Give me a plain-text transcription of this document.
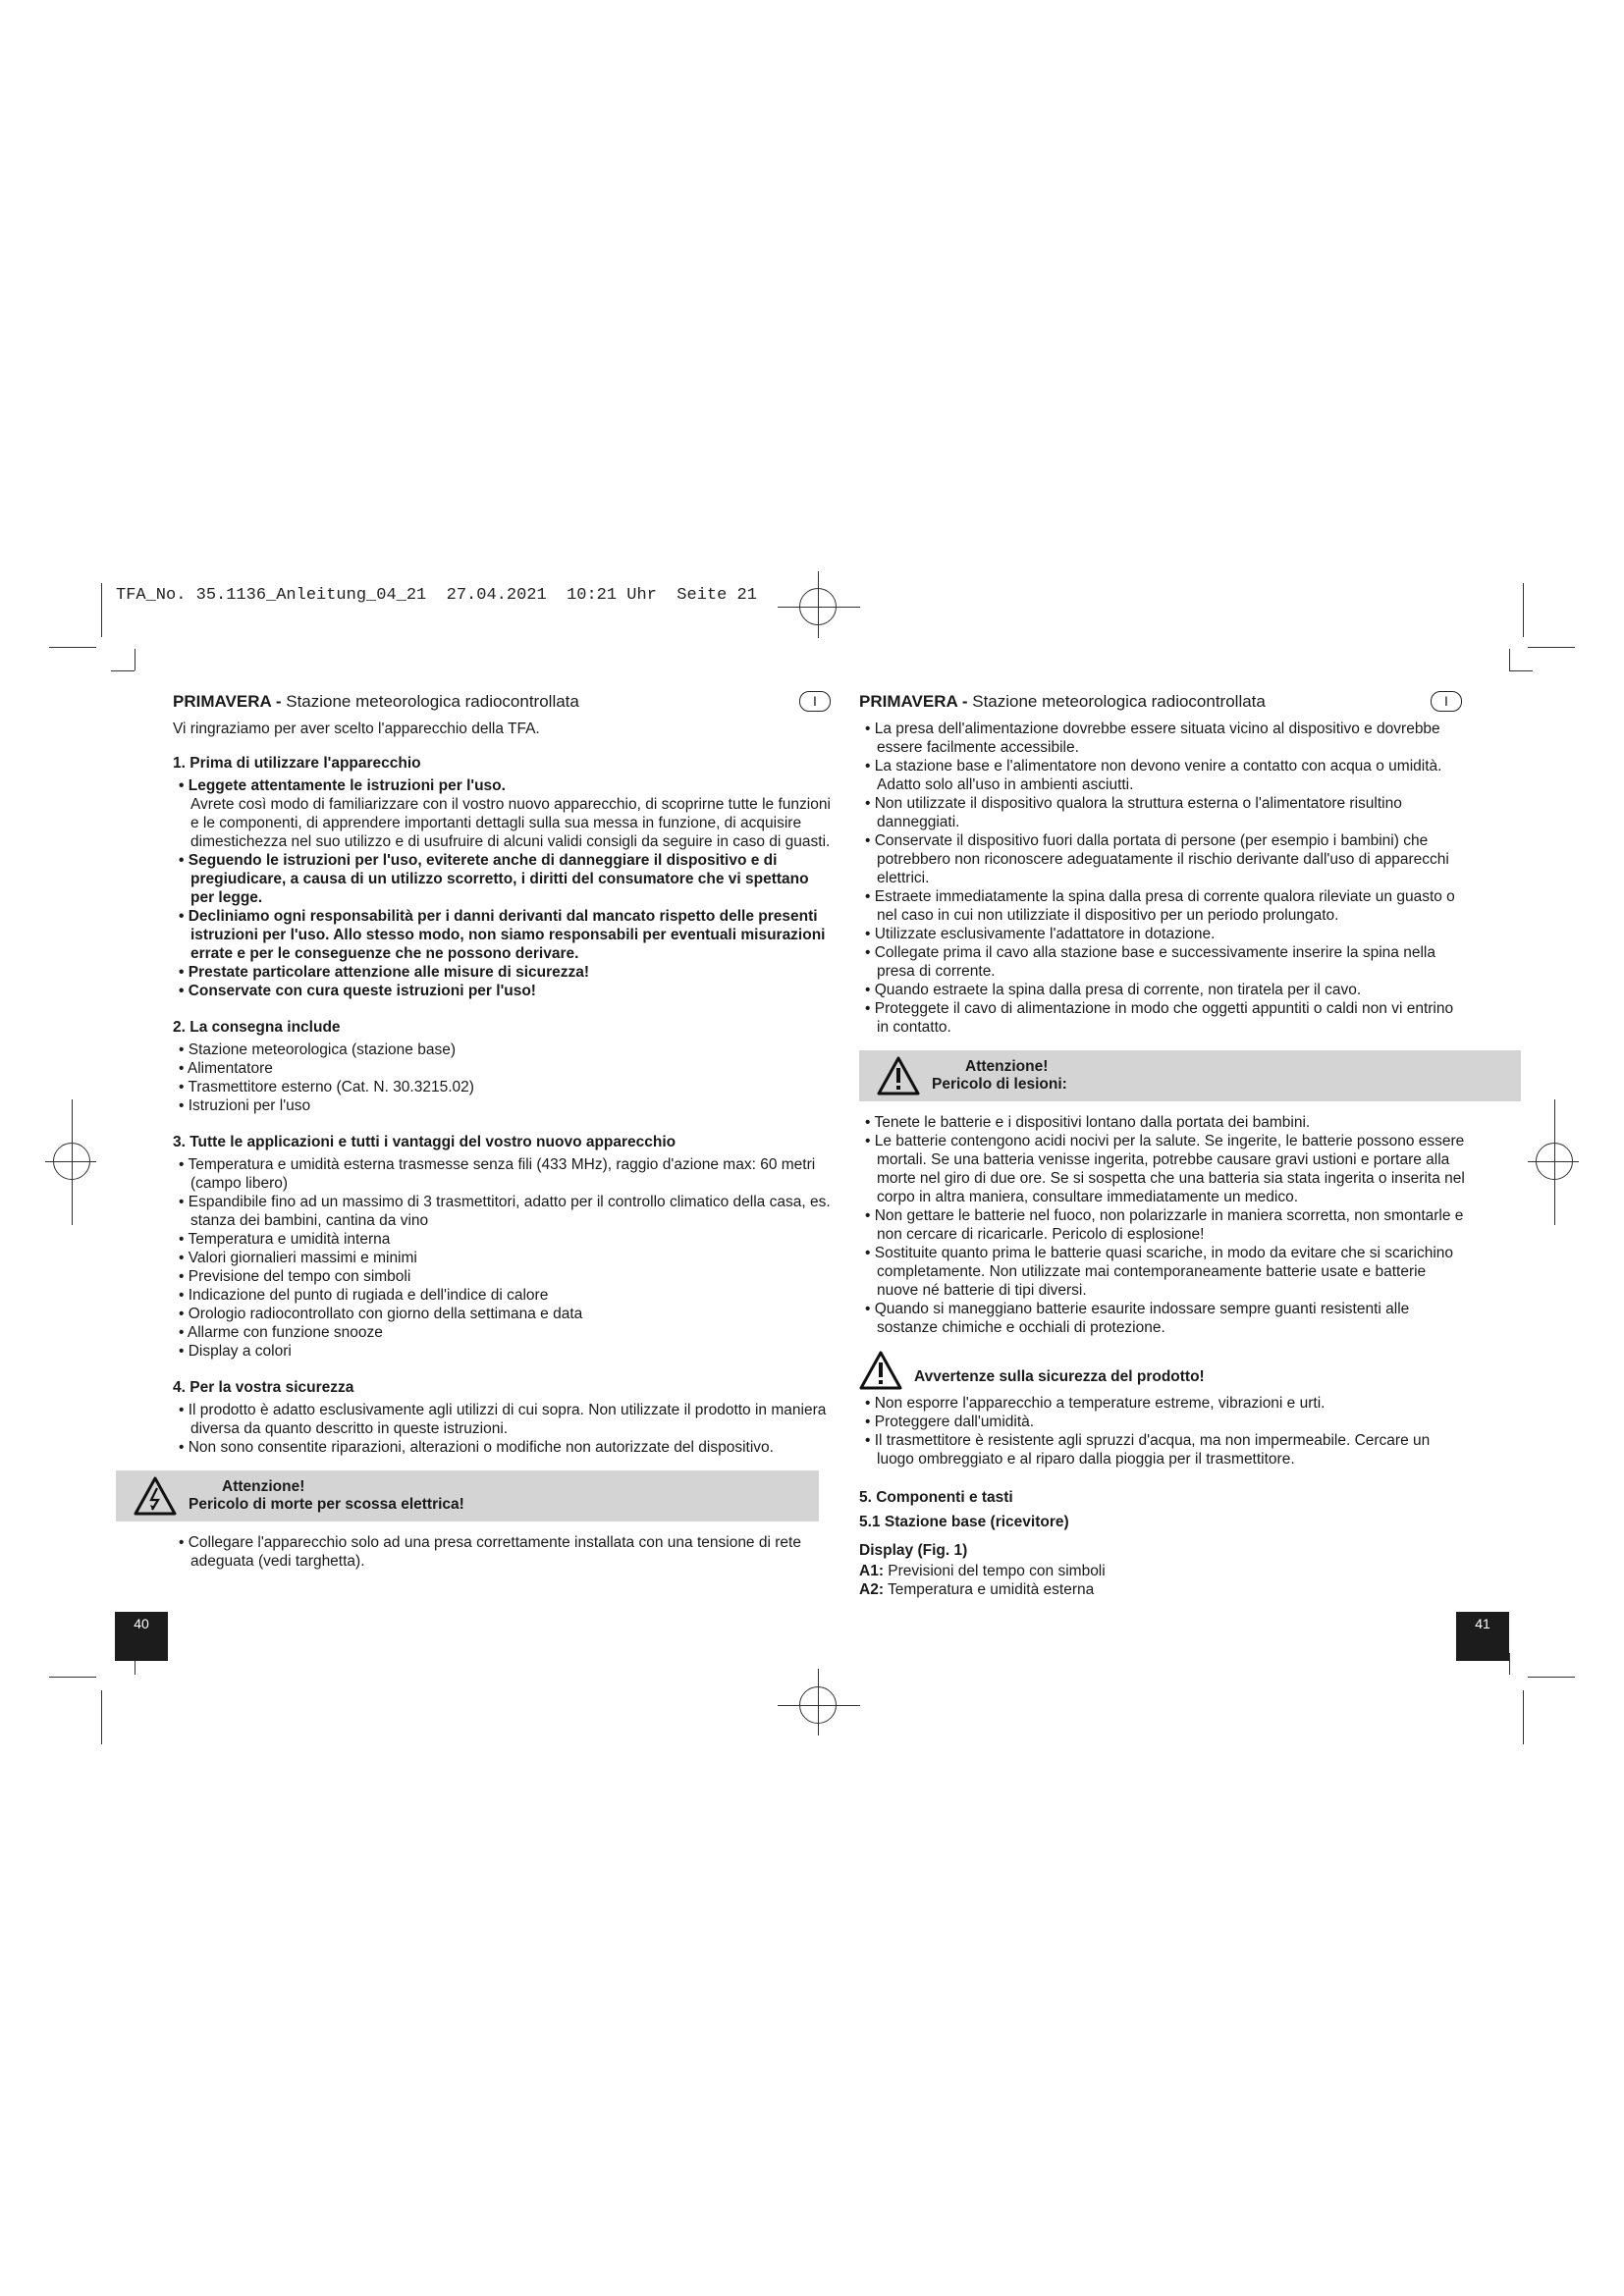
TFA_No. 35.1136_Anleitung_04_21  27.04.2021  10:21 Uhr  Seite 21
PRIMAVERA - Stazione meteorologica radiocontrollata	I

Vi ringraziamo per aver scelto l'apparecchio della TFA.

1. Prima di utilizzare l'apparecchio

• Leggete attentamente le istruzioni per l'uso.

Avrete così modo di familiarizzare con il vostro nuovo apparecchio, di scoprirne tutte le funzioni e le componenti, di apprendere importanti dettagli sulla sua messa in funzione, di acquisire dimestichezza nel suo utilizzo e di usufruire di alcuni validi consigli da seguire in caso di guasti.

• Seguendo le istruzioni per l'uso, eviterete anche di danneggiare il dispositivo e di pregiudicare, a causa di un utilizzo scorretto, i diritti del consumatore che vi spettano per legge.

• Decliniamo ogni responsabilità per i danni derivanti dal mancato rispetto delle presenti istruzioni per l'uso. Allo stesso modo, non siamo responsabili per eventuali misurazioni errate e per le conseguenze che ne possono derivare.

• Prestate particolare attenzione alle misure di sicurezza!

• Conservate con cura queste istruzioni per l'uso!

2. La consegna include

• Stazione meteorologica (stazione base)

• Alimentatore

• Trasmettitore esterno (Cat. N. 30.3215.02)

• Istruzioni per l'uso

3. Tutte le applicazioni e tutti i vantaggi del vostro nuovo apparecchio

• Temperatura e umidità esterna trasmesse senza fili (433 MHz), raggio d'azione max: 60 metri (campo libero)

• Espandibile fino ad un massimo di 3 trasmettitori, adatto per il controllo climatico della casa, es. stanza dei bambini, cantina da vino

• Temperatura e umidità interna

• Valori giornalieri massimi e minimi

• Previsione del tempo con simboli

• Indicazione del punto di rugiada e dell'indice di calore

• Orologio radiocontrollato con giorno della settimana e data

• Allarme con funzione snooze

• Display a colori

4. Per la vostra sicurezza

• Il prodotto è adatto esclusivamente agli utilizzi di cui sopra. Non utilizzate il prodotto in maniera diversa da quanto descritto in queste istruzioni.

• Non sono consentite riparazioni, alterazioni o modifiche non autorizzate del dispositivo.

Attenzione!
Pericolo di morte per scossa elettrica!

• Collegare l'apparecchio solo ad una presa correttamente installata con una tensione di rete adeguata (vedi targhetta).

40
PRIMAVERA - Stazione meteorologica radiocontrollata	I

• La presa dell'alimentazione dovrebbe essere situata vicino al dispositivo e dovrebbe essere facilmente accessibile.

• La stazione base e l'alimentatore non devono venire a contatto con acqua o umidità. Adatto solo all'uso in ambienti asciutti.

• Non utilizzate il dispositivo qualora la struttura esterna o l'alimentatore risultino danneggiati.

• Conservate il dispositivo fuori dalla portata di persone (per esempio i bambini) che potrebbero non riconoscere adeguatamente il rischio derivante dall'uso di apparecchi elettrici.

• Estraete immediatamente la spina dalla presa di corrente qualora rileviate un guasto o nel caso in cui non utilizziate il dispositivo per un periodo prolungato.

• Utilizzate esclusivamente l'adattatore in dotazione.

• Collegate prima il cavo alla stazione base e successivamente inserire la spina nella presa di corrente.

• Quando estraete la spina dalla presa di corrente, non tiratela per il cavo.

• Proteggete il cavo di alimentazione in modo che oggetti appuntiti o caldi non vi entrino in contatto.

Attenzione!
Pericolo di lesioni:

• Tenete le batterie e i dispositivi lontano dalla portata dei bambini.

• Le batterie contengono acidi nocivi per la salute. Se ingerite, le batterie possono essere mortali. Se una batteria venisse ingerita, potrebbe causare gravi ustioni e portare alla morte nel giro di due ore. Se si sospetta che una batteria sia stata ingerita o inserita nel corpo in altra maniera, consultare immediatamente un medico.

• Non gettare le batterie nel fuoco, non polarizzarle in maniera scorretta, non smontarle e non cercare di ricaricarle. Pericolo di esplosione!

• Sostituite quanto prima le batterie quasi scariche, in modo da evitare che si scarichino completamente. Non utilizzate mai contemporaneamente batterie usate e batterie nuove né batterie di tipi diversi.

• Quando si maneggiano batterie esaurite indossare sempre guanti resistenti alle sostanze chimiche e occhiali di protezione.

Avvertenze sulla sicurezza del prodotto!

• Non esporre l'apparecchio a temperature estreme, vibrazioni e urti.

• Proteggere dall'umidità.

• Il trasmettitore è resistente agli spruzzi d'acqua, ma non impermeabile. Cercare un luogo ombreggiato e al riparo dalla pioggia per il trasmettitore.

5. Componenti e tasti
5.1 Stazione base (ricevitore)
Display (Fig. 1)

A1: Previsioni del tempo con simboli

A2: Temperatura e umidità esterna

41
